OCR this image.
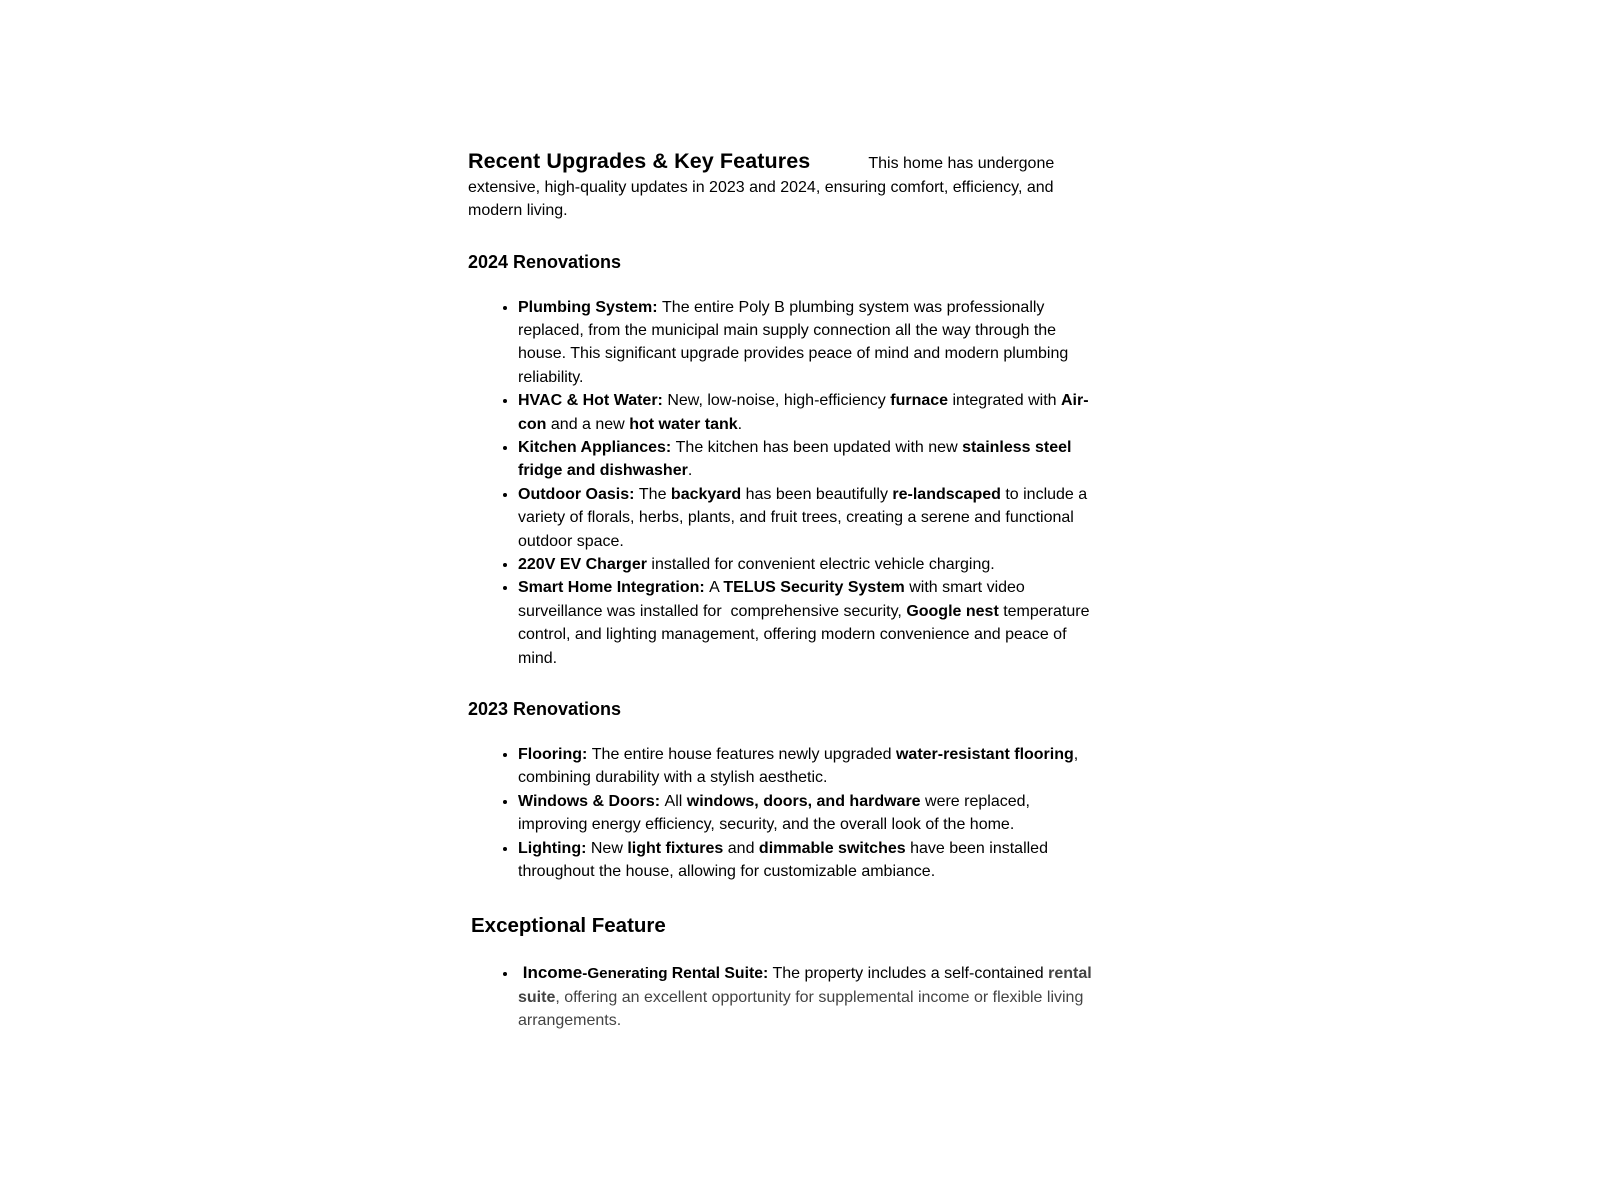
Recent Upgrades & Key Features	This home has undergone extensive, high-quality updates in 2023 and 2024, ensuring comfort, efficiency, and modern living.

2024 Renovations
• Plumbing System: The entire Poly B plumbing system was professionally replaced, from the municipal main supply connection all the way through the house. This significant upgrade provides peace of mind and modern plumbing reliability.
• HVAC & Hot Water: New, low-noise, high-efficiency furnace integrated with Air-con and a new hot water tank.
• Kitchen Appliances: The kitchen has been updated with new stainless steel fridge and dishwasher.
• Outdoor Oasis: The backyard has been beautifully re-landscaped to include a variety of florals, herbs, plants, and fruit trees, creating a serene and functional outdoor space.
• 220V EV Charger installed for convenient electric vehicle charging.
• Smart Home Integration: A TELUS Security System with smart video surveillance was installed for  comprehensive security, Google nest temperature control, and lighting management, offering modern convenience and peace of mind.
2023 Renovations
• Flooring: The entire house features newly upgraded water-resistant flooring, combining durability with a stylish aesthetic.
• Windows & Doors: All windows, doors, and hardware were replaced, improving energy efficiency, security, and the overall look of the home.
• Lighting: New light fixtures and dimmable switches have been installed throughout the house, allowing for customizable ambiance.
Exceptional Feature
•  Income-Generating Rental Suite: The property includes a self-contained rental suite, offering an excellent opportunity for supplemental income or flexible living arrangements.
